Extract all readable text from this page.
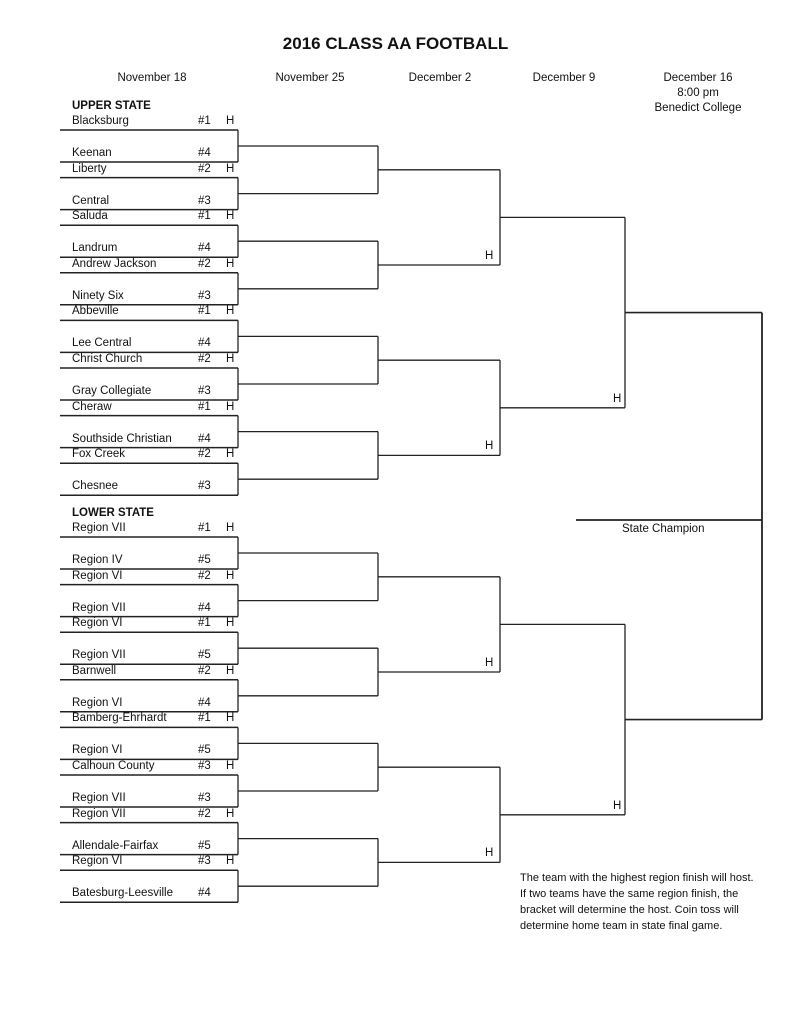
2016 CLASS AA FOOTBALL
November 18	November 25	December 2	December 9	December 16
8:00 pm
Benedict College
UPPER STATE
LOWER STATE
Blacksburg	#1 H
Keenan	#4
Liberty	#2 H
Central	#3
Saluda	#1 H
Landrum	#4
Andrew Jackson	#2 H
Ninety Six	#3
Abbeville	#1 H
Lee Central	#4
Christ Church	#2 H
Gray Collegiate	#3
Cheraw	#1 H
Southside Christian #4
Fox Creek	#2 H
Chesnee	#3
Region VII	#1 H
Region IV	#5
Region VI	#2 H
Region VII	#4
Region VI	#1 H
Region VII	#5
Barnwell	#2 H
Region VI	#4
Bamberg-Ehrhardt	#1 H
Region VI	#5
Calhoun County	#3 H
Region VII	#3
Region VII	#2 H
Allendale-Fairfax	#5
Region VI	#3 H
Batesburg-Leesville #4
H
H
H
H
H
H
State Champion
The team with the highest region finish will host. If two teams have the same region finish, the bracket will determine the host. Coin toss will determine home team in state final game.
